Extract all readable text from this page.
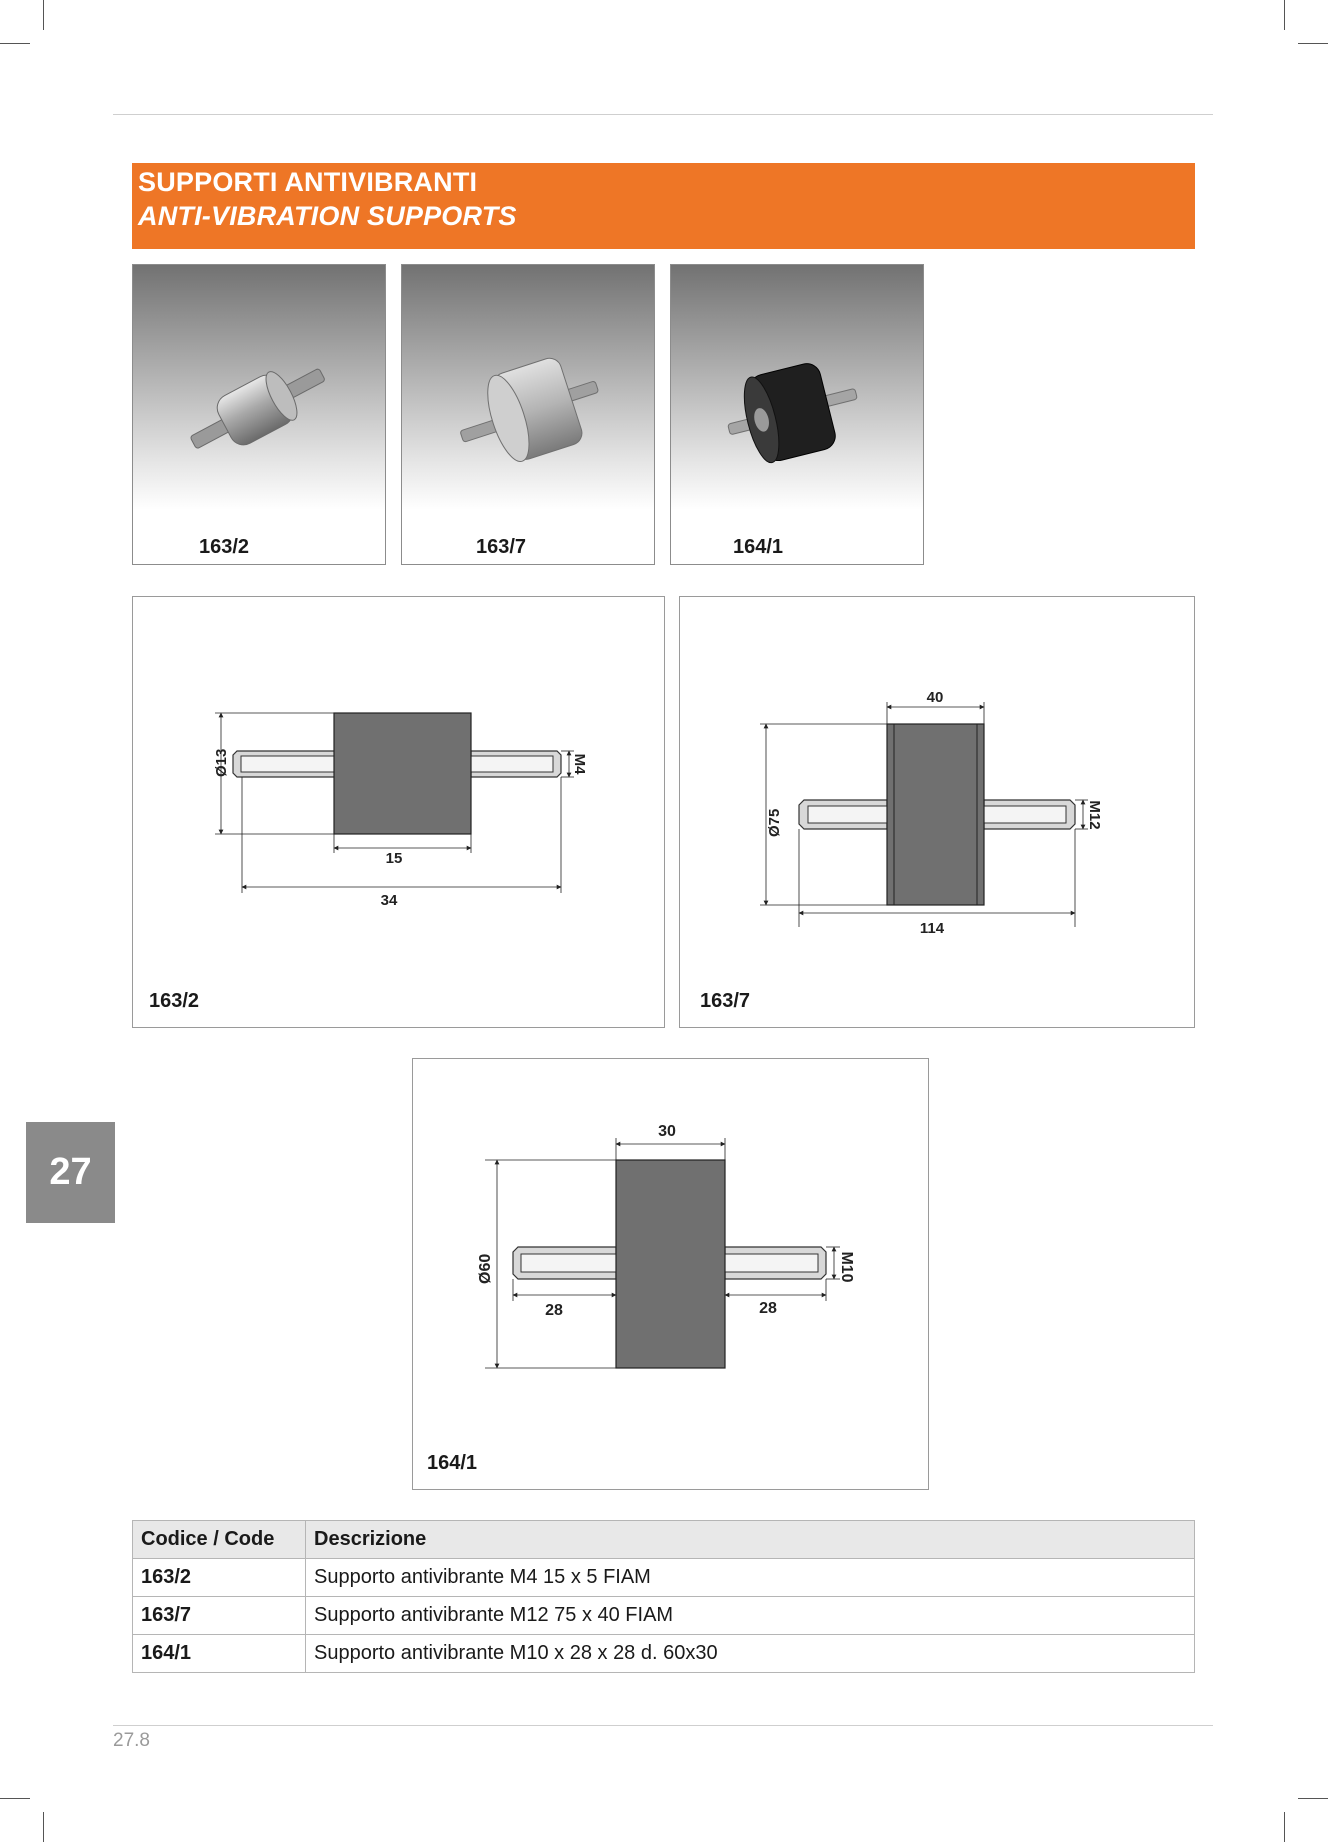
SUPPORTI ANTIVIBRANTI
ANTI-VIBRATION SUPPORTS
163/2	163/7	164/1
Ø13	M4
15
34
163/2
40
Ø75	M12
114
163/7
30
Ø60	M10
28	28
164/1
27
Codice / Code	Descrizione
163/2	Supporto antivibrante M4 15 x 5 FIAM
163/7	Supporto antivibrante M12 75 x 40 FIAM
164/1	Supporto antivibrante M10 x 28 x 28 d. 60x30
27.8
